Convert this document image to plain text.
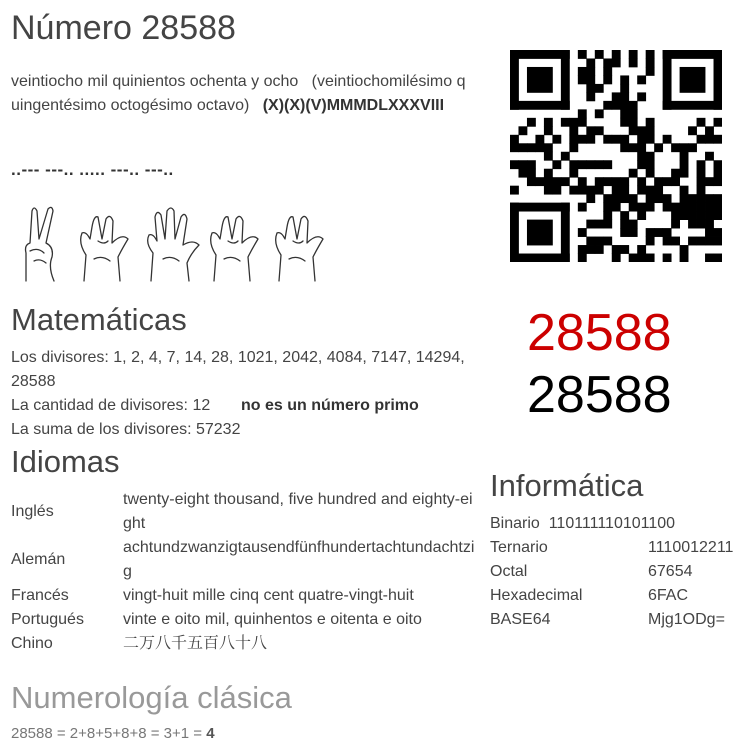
Número 28588
veintiocho mil quinientos ochenta y ocho (veintiochomilésimo quingentésimo octogésimo octavo) (X)(X)(V)MMMDLXXXVIII
..--- ---.. ..... ---.. ---..
Matemáticas
Los divisores: 1, 2, 4, 7, 14, 28, 1021, 2042, 4084, 7147, 14294, 28588
La cantidad de divisores: 12 no es un número primo
La suma de los divisores: 57232
28588
28588
Idiomas
Inglés	twenty-eight thousand, five hundred and eighty-eight
Alemán	achtundzwanzigtausendfünfhundertachtundachtzig
Francés	vingt-huit mille cinq cent quatre-vingt-huit
Portugués	vinte e oito mil, quinhentos e oitenta e oito
Chino	二万八千五百八十八
Informática
Binario 110111110101100
Ternario	1110012211
Octal	67654
Hexadecimal	6FAC
BASE64	Mjg1ODg=
Numerología clásica
28588 = 2+8+5+8+8 = 3+1 = 4
